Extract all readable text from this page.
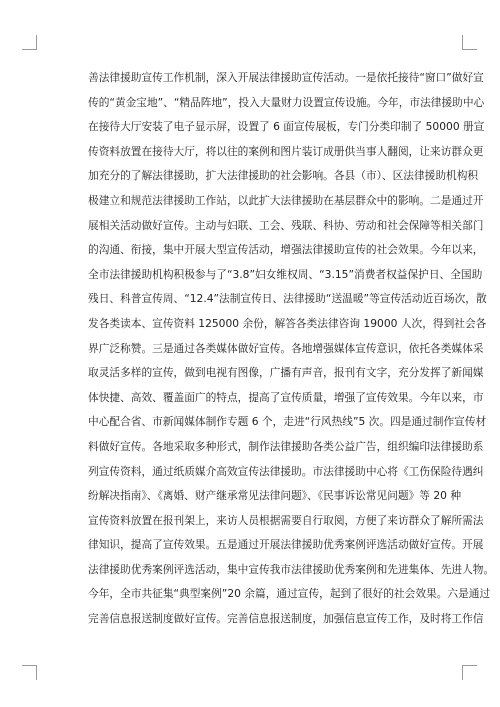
善法律援助宣传工作机制，深入开展法律援助宣传活动。一是依托接待“窗口”做好宣
传的“黄金宝地”、“精品阵地”，投入大量财力设置宣传设施。今年，市法律援助中心
在接待大厅安装了电子显示屏，设置了 6 面宣传展板，专门分类印制了 50000 册宣
传资料放置在接待大厅，将以往的案例和图片装订成册供当事人翻阅，让来访群众更
加充分的了解法律援助，扩大法律援助的社会影响。各县（市）、区法律援助机构积
极建立和规范法律援助工作站，以此扩大法律援助在基层群众中的影响。二是通过开
展相关活动做好宣传。主动与妇联、工会、残联、科协、劳动和社会保障等相关部门
的沟通、衔接，集中开展大型宣传活动，增强法律援助宣传的社会效果。今年以来，
全市法律援助机构积极参与了“3.8”妇女维权周、“3.15”消费者权益保护日、全国助
残日、科普宣传周、“12.4”法制宣传日、法律援助“送温暖”等宣传活动近百场次，散
发各类读本、宣传资料 125000 余份，解答各类法律咨询 19000 人次，得到社会各
界广泛称赞。三是通过各类媒体做好宣传。各地增强媒体宣传意识，依托各类媒体采
取灵活多样的宣传，做到电视有图像，广播有声音，报刊有文字，充分发挥了新闻媒
体快捷、高效、覆盖面广的特点，提高了宣传质量，增强了宣传效果。今年以来，市
中心配合省、市新闻媒体制作专题 6 个，走进“行风热线”5 次。四是通过制作宣传材
料做好宣传。各地采取多种形式，制作法律援助各类公益广告，组织编印法律援助系
列宣传资料，通过纸质媒介高效宣传法律援助。市法律援助中心将《工伤保险待遇纠
纷解决指南》、《离婚、财产继承常见法律问题》、《民事诉讼常见问题》等 20 种
宣传资料放置在报刊架上，来访人员根据需要自行取阅，方便了来访群众了解所需法
律知识，提高了宣传效果。五是通过开展法律援助优秀案例评选活动做好宣传。开展
法律援助优秀案例评选活动，集中宣传我市法律援助优秀案例和先进集体、先进人物。
今年，全市共征集“典型案例”20 余篇，通过宣传，起到了很好的社会效果。六是通过
完善信息报送制度做好宣传。完善信息报送制度，加强信息宣传工作，及时将工作信
